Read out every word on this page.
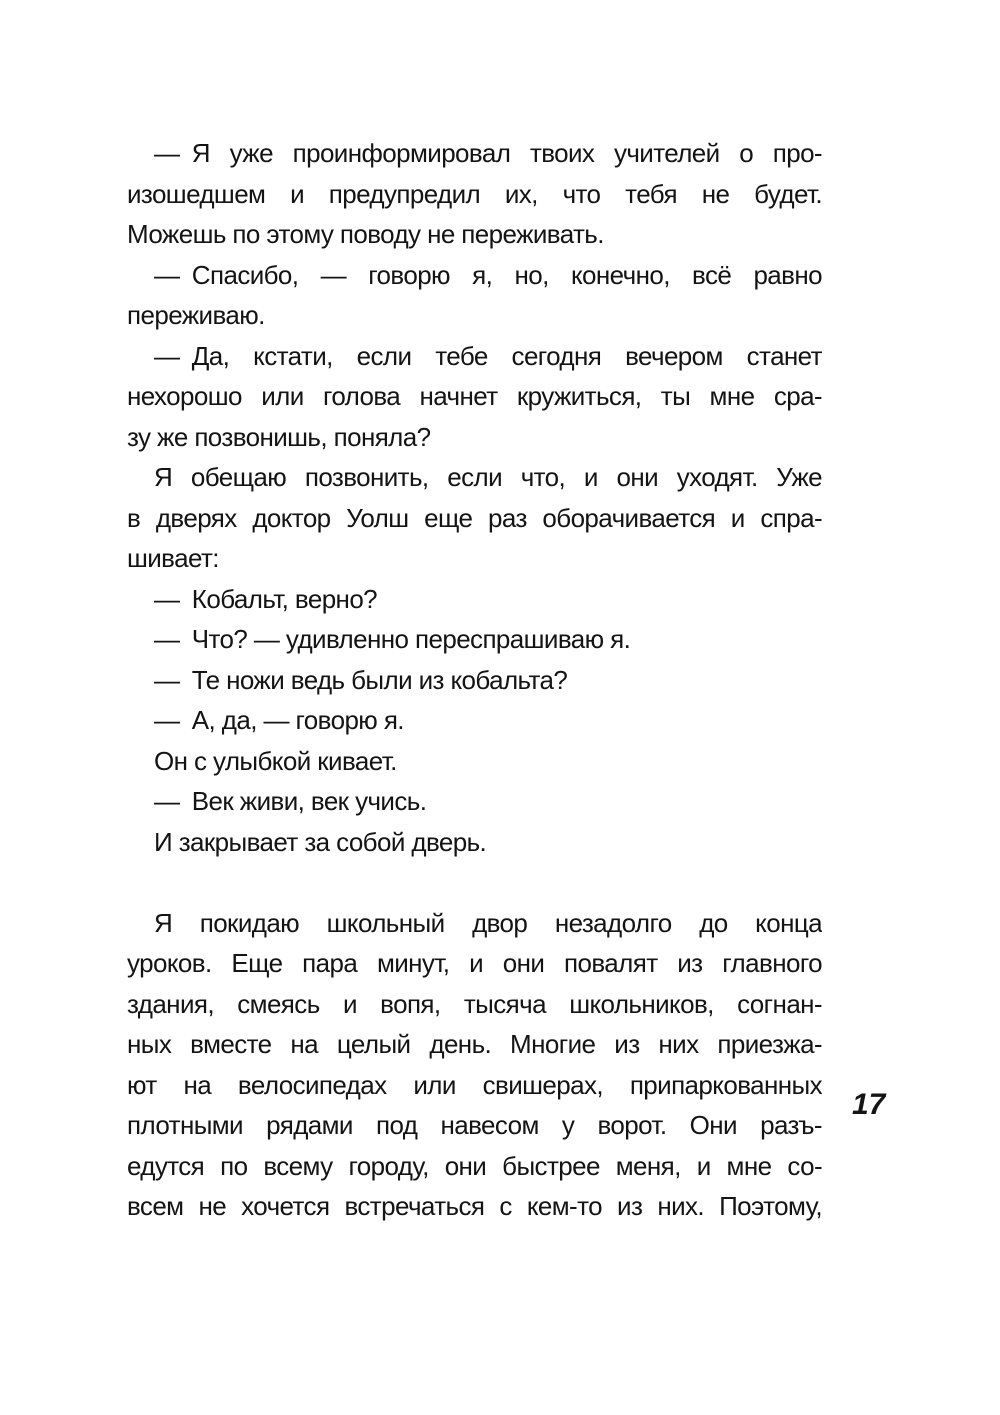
— Я уже проинформировал твоих учителей о про-
изошедшем и предупредил их, что тебя не будет.
Можешь по этому поводу не переживать.
— Спасибо, — говорю я, но, конечно, всё равно
переживаю.
— Да, кстати, если тебе сегодня вечером станет
нехорошо или голова начнет кружиться, ты мне сра-
зу же позвонишь, поняла?
Я обещаю позвонить, если что, и они уходят. Уже
в дверях доктор Уолш еще раз оборачивается и спра-
шивает:
— Кобальт, верно?
— Что? — удивленно переспрашиваю я.
— Те ножи ведь были из кобальта?
— А, да, — говорю я.
Он с улыбкой кивает.
— Век живи, век учись.
И закрывает за собой дверь.
Я покидаю школьный двор незадолго до конца
уроков. Еще пара минут, и они повалят из главного
здания, смеясь и вопя, тысяча школьников, согнан-
ных вместе на целый день. Многие из них приезжа-
ют на велосипедах или свишерах, припаркованных
плотными рядами под навесом у ворот. Они разъ-
едутся по всему городу, они быстрее меня, и мне со-
всем не хочется встречаться с кем-то из них. Поэтому,
17
